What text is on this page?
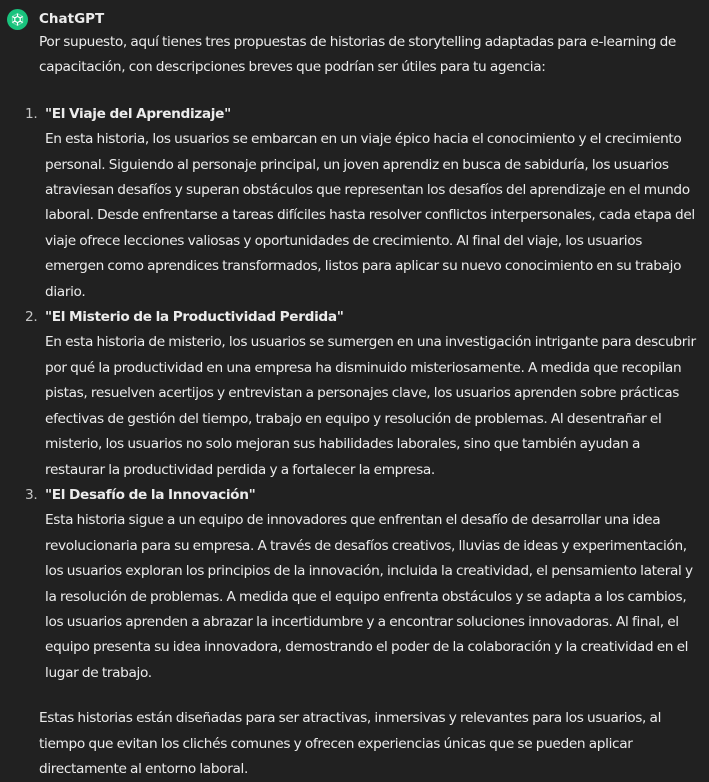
ChatGPT

Por supuesto, aquí tienes tres propuestas de historias de storytelling adaptadas para e-learning de capacitación, con descripciones breves que podrían ser útiles para tu agencia:

1. "El Viaje del Aprendizaje"
En esta historia, los usuarios se embarcan en un viaje épico hacia el conocimiento y el crecimiento personal. Siguiendo al personaje principal, un joven aprendiz en busca de sabiduría, los usuarios atraviesan desafíos y superan obstáculos que representan los desafíos del aprendizaje en el mundo laboral. Desde enfrentarse a tareas difíciles hasta resolver conflictos interpersonales, cada etapa del viaje ofrece lecciones valiosas y oportunidades de crecimiento. Al final del viaje, los usuarios emergen como aprendices transformados, listos para aplicar su nuevo conocimiento en su trabajo diario.
2. "El Misterio de la Productividad Perdida"
En esta historia de misterio, los usuarios se sumergen en una investigación intrigante para descubrir por qué la productividad en una empresa ha disminuido misteriosamente. A medida que recopilan pistas, resuelven acertijos y entrevistan a personajes clave, los usuarios aprenden sobre prácticas efectivas de gestión del tiempo, trabajo en equipo y resolución de problemas. Al desentrañar el misterio, los usuarios no solo mejoran sus habilidades laborales, sino que también ayudan a restaurar la productividad perdida y a fortalecer la empresa.
3. "El Desafío de la Innovación"
Esta historia sigue a un equipo de innovadores que enfrentan el desafío de desarrollar una idea revolucionaria para su empresa. A través de desafíos creativos, lluvias de ideas y experimentación, los usuarios exploran los principios de la innovación, incluida la creatividad, el pensamiento lateral y la resolución de problemas. A medida que el equipo enfrenta obstáculos y se adapta a los cambios, los usuarios aprenden a abrazar la incertidumbre y a encontrar soluciones innovadoras. Al final, el equipo presenta su idea innovadora, demostrando el poder de la colaboración y la creatividad en el lugar de trabajo.

Estas historias están diseñadas para ser atractivas, inmersivas y relevantes para los usuarios, al tiempo que evitan los clichés comunes y ofrecen experiencias únicas que se pueden aplicar directamente al entorno laboral.
